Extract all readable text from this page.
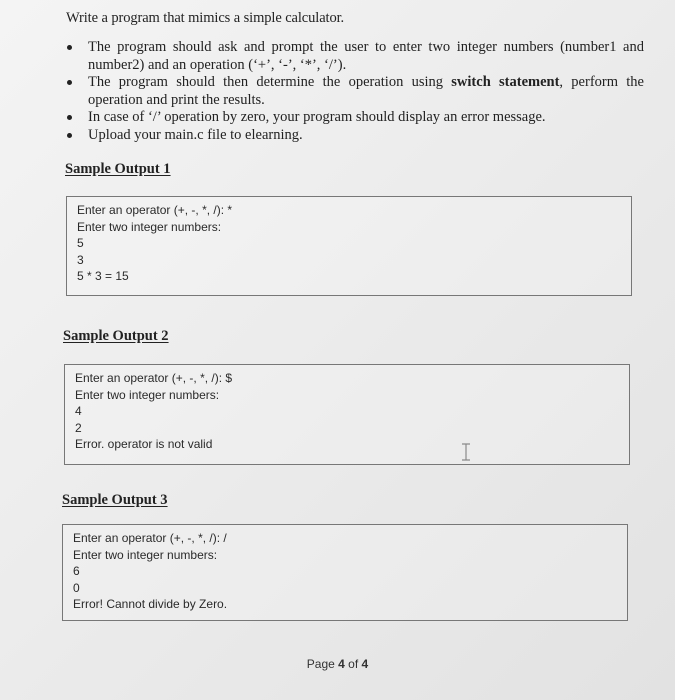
Write a program that mimics a simple calculator.
The program should ask and prompt the user to enter two integer numbers (number1 and number2) and an operation (‘+’, ‘-’, ‘*’, ‘/’).
The program should then determine the operation using switch statement, perform the operation and print the results.
In case of ‘/’ operation by zero, your program should display an error message.
Upload your main.c file to elearning.
Sample Output 1
Enter an operator (+, -, *, /): *
Enter two integer numbers:
5
3
5 * 3 = 15
Sample Output 2
Enter an operator (+, -, *, /): $
Enter two integer numbers:
4
2
Error. operator is not valid
Sample Output 3
Enter an operator (+, -, *, /): /
Enter two integer numbers:
6
0
Error! Cannot divide by Zero.
Page 4 of 4
